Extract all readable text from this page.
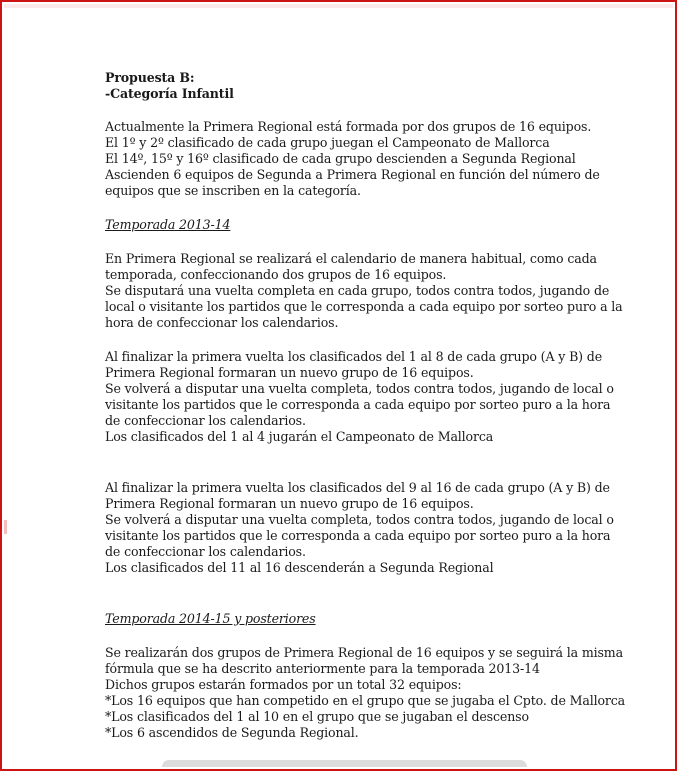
Propuesta B:

-Categoría Infantil

Actualmente la Primera Regional está formada por dos grupos de 16 equipos.
El 1º y 2º clasificado de cada grupo juegan el Campeonato de Mallorca
El 14º, 15º y 16º clasificado de cada grupo descienden a Segunda Regional
Ascienden 6 equipos de Segunda a Primera Regional en función del número de
equipos que se inscriben en la categoría.

Temporada 2013-14

En Primera Regional se realizará el calendario de manera habitual, como cada
temporada, confeccionando dos grupos de 16 equipos.
Se disputará una vuelta completa en cada grupo, todos contra todos, jugando de
local o visitante los partidos que le corresponda a cada equipo por sorteo puro a la
hora de confeccionar los calendarios.

Al finalizar la primera vuelta los clasificados del 1 al 8 de cada grupo (A y B) de
Primera Regional formaran un nuevo grupo de 16 equipos.
Se volverá a disputar una vuelta completa, todos contra todos, jugando de local o
visitante los partidos que le corresponda a cada equipo por sorteo puro a la hora
de confeccionar los calendarios.
Los clasificados del 1 al 4 jugarán el Campeonato de Mallorca

Al finalizar la primera vuelta los clasificados del 9 al 16 de cada grupo (A y B) de
Primera Regional formaran un nuevo grupo de 16 equipos.
Se volverá a disputar una vuelta completa, todos contra todos, jugando de local o
visitante los partidos que le corresponda a cada equipo por sorteo puro a la hora
de confeccionar los calendarios.
Los clasificados del 11 al 16 descenderán a Segunda Regional

Temporada 2014-15 y posteriores

Se realizarán dos grupos de Primera Regional de 16 equipos y se seguirá la misma
fórmula que se ha descrito anteriormente para la temporada 2013-14
Dichos grupos estarán formados por un total 32 equipos:
*Los 16 equipos que han competido en el grupo que se jugaba el Cpto. de Mallorca
*Los clasificados del 1 al 10 en el grupo que se jugaban el descenso
*Los 6 ascendidos de Segunda Regional.
